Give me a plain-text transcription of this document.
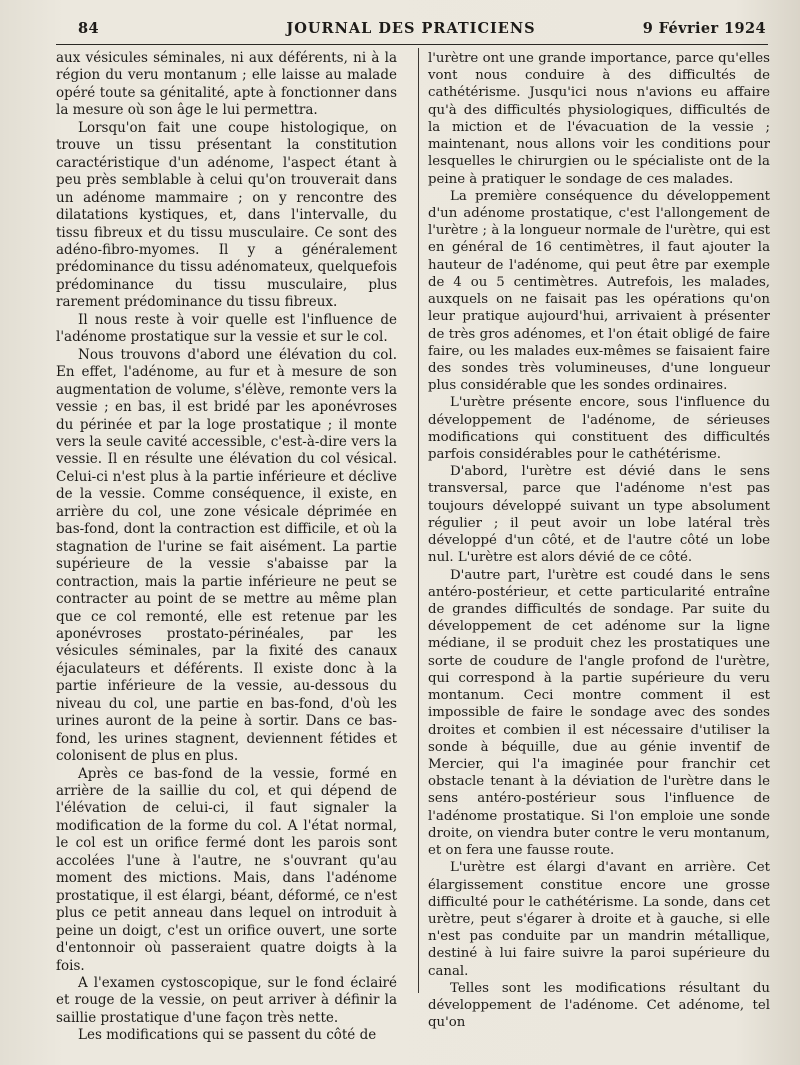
84	JOURNAL DES PRATICIENS	9 Février 1924

aux vésicules séminales, ni aux déférents, ni à la région du veru montanum ; elle laisse au malade opéré toute sa génitalité, apte à fonctionner dans la mesure où son âge le lui permettra.

Lorsqu'on fait une coupe histologique, on trouve un tissu présentant la constitution caractéristique d'un adénome, l'aspect étant à peu près semblable à celui qu'on trouverait dans un adénome mammaire ; on y rencontre des dilatations kystiques, et, dans l'intervalle, du tissu fibreux et du tissu musculaire. Ce sont des adéno-fibro-myomes. Il y a généralement prédominance du tissu adénomateux, quelquefois prédominance du tissu musculaire, plus rarement prédominance du tissu fibreux.

Il nous reste à voir quelle est l'influence de l'adénome prostatique sur la vessie et sur le col.

Nous trouvons d'abord une élévation du col. En effet, l'adénome, au fur et à mesure de son augmentation de volume, s'élève, remonte vers la vessie ; en bas, il est bridé par les aponévroses du périnée et par la loge prostatique ; il monte vers la seule cavité accessible, c'est-à-dire vers la vessie. Il en résulte une élévation du col vésical. Celui-ci n'est plus à la partie inférieure et déclive de la vessie. Comme conséquence, il existe, en arrière du col, une zone vésicale déprimée en bas-fond, dont la contraction est difficile, et où la stagnation de l'urine se fait aisément. La partie supérieure de la vessie s'abaisse par la contraction, mais la partie inférieure ne peut se contracter au point de se mettre au même plan que ce col remonté, elle est retenue par les aponévroses prostato-périnéales, par les vésicules séminales, par la fixité des canaux éjaculateurs et déférents. Il existe donc à la partie inférieure de la vessie, au-dessous du niveau du col, une partie en bas-fond, d'où les urines auront de la peine à sortir. Dans ce bas-fond, les urines stagnent, deviennent fétides et colonisent de plus en plus.

Après ce bas-fond de la vessie, formé en arrière de la saillie du col, et qui dépend de l'élévation de celui-ci, il faut signaler la modification de la forme du col. A l'état normal, le col est un orifice fermé dont les parois sont accolées l'une à l'autre, ne s'ouvrant qu'au moment des mictions. Mais, dans l'adénome prostatique, il est élargi, béant, déformé, ce n'est plus ce petit anneau dans lequel on introduit à peine un doigt, c'est un orifice ouvert, une sorte d'entonnoir où passeraient quatre doigts à la fois.

A l'examen cystoscopique, sur le fond éclairé et rouge de la vessie, on peut arriver à définir la saillie prostatique d'une façon très nette.

Les modifications qui se passent du côté de

l'urètre ont une grande importance, parce qu'elles vont nous conduire à des difficultés de cathétérisme. Jusqu'ici nous n'avions eu affaire qu'à des difficultés physiologiques, difficultés de la miction et de l'évacuation de la vessie ; maintenant, nous allons voir les conditions pour lesquelles le chirurgien ou le spécialiste ont de la peine à pratiquer le sondage de ces malades.

La première conséquence du développement d'un adénome prostatique, c'est l'allongement de l'urètre ; à la longueur normale de l'urètre, qui est en général de 16 centimètres, il faut ajouter la hauteur de l'adénome, qui peut être par exemple de 4 ou 5 centimètres. Autrefois, les malades, auxquels on ne faisait pas les opérations qu'on leur pratique aujourd'hui, arrivaient à présenter de très gros adénomes, et l'on était obligé de faire faire, ou les malades eux-mêmes se faisaient faire des sondes très volumineuses, d'une longueur plus considérable que les sondes ordinaires.

L'urètre présente encore, sous l'influence du développement de l'adénome, de sérieuses modifications qui constituent des difficultés parfois considérables pour le cathétérisme.

D'abord, l'urètre est dévié dans le sens transversal, parce que l'adénome n'est pas toujours développé suivant un type absolument régulier ; il peut avoir un lobe latéral très développé d'un côté, et de l'autre côté un lobe nul. L'urètre est alors dévié de ce côté.

D'autre part, l'urètre est coudé dans le sens antéro-postérieur, et cette particularité entraîne de grandes difficultés de sondage. Par suite du développement de cet adénome sur la ligne médiane, il se produit chez les prostatiques une sorte de coudure de l'angle profond de l'urètre, qui correspond à la partie supérieure du veru montanum. Ceci montre comment il est impossible de faire le sondage avec des sondes droites et combien il est nécessaire d'utiliser la sonde à béquille, due au génie inventif de Mercier, qui l'a imaginée pour franchir cet obstacle tenant à la déviation de l'urètre dans le sens antéro-postérieur sous l'influence de l'adénome prostatique. Si l'on emploie une sonde droite, on viendra buter contre le veru montanum, et on fera une fausse route.

L'urètre est élargi d'avant en arrière. Cet élargissement constitue encore une grosse difficulté pour le cathétérisme. La sonde, dans cet urètre, peut s'égarer à droite et à gauche, si elle n'est pas conduite par un mandrin métallique, destiné à lui faire suivre la paroi supérieure du canal.

Telles sont les modifications résultant du développement de l'adénome. Cet adénome, tel qu'on
